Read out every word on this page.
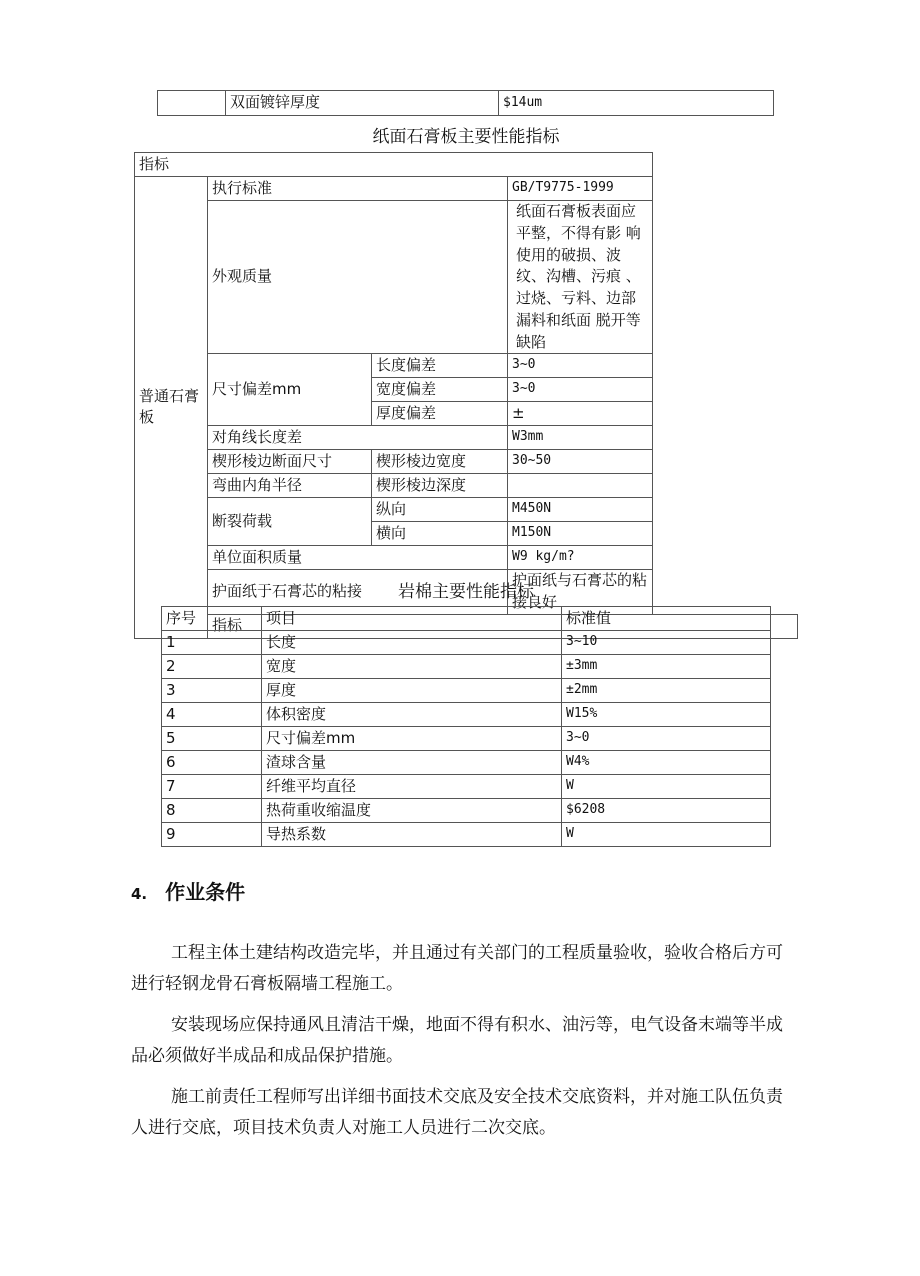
	双面镀锌厚度	$14um
纸面石膏板主要性能指标
指标			
普通石膏板	执行标准		GB/T9775-1999
	外观质量		纸面石膏板表面应平整，不得有影 响使用的破损、波纹、沟槽、污痕 、过烧、亏料、边部漏料和纸面 脱开等缺陷
	尺寸偏差mm	长度偏差	3~0
		宽度偏差	3~0
		厚度偏差	±
	对角线长度差		W3mm
	楔形棱边断面尺寸	楔形棱边宽度	30~50
	弯曲内角半径	楔形棱边深度	
	断裂荷载	纵向	M450N
		横向	M150N
	单位面积质量		W9 kg/m?
	护面纸于石膏芯的粘接		护面纸与石膏芯的粘接良好
	指标		
岩棉主要性能指标
序号	项目	标准值
1	长度	3~10
2	宽度	±3mm
3	厚度	±2mm
4	体积密度	W15%
5	尺寸偏差mm	3~0
6	渣球含量	W4%
7	纤维平均直径	W
8	热荷重收缩温度	$6208
9	导热系数	W
4. 作业条件

工程主体土建结构改造完毕，并且通过有关部门的工程质量验收，验收合格后方可进行轻钢龙骨石膏板隔墙工程施工。

安装现场应保持通风且清洁干燥，地面不得有积水、油污等，电气设备末端等半成品必须做好半成品和成品保护措施。

施工前责任工程师写出详细书面技术交底及安全技术交底资料，并对施工队伍负责人进行交底，项目技术负责人对施工人员进行二次交底。
